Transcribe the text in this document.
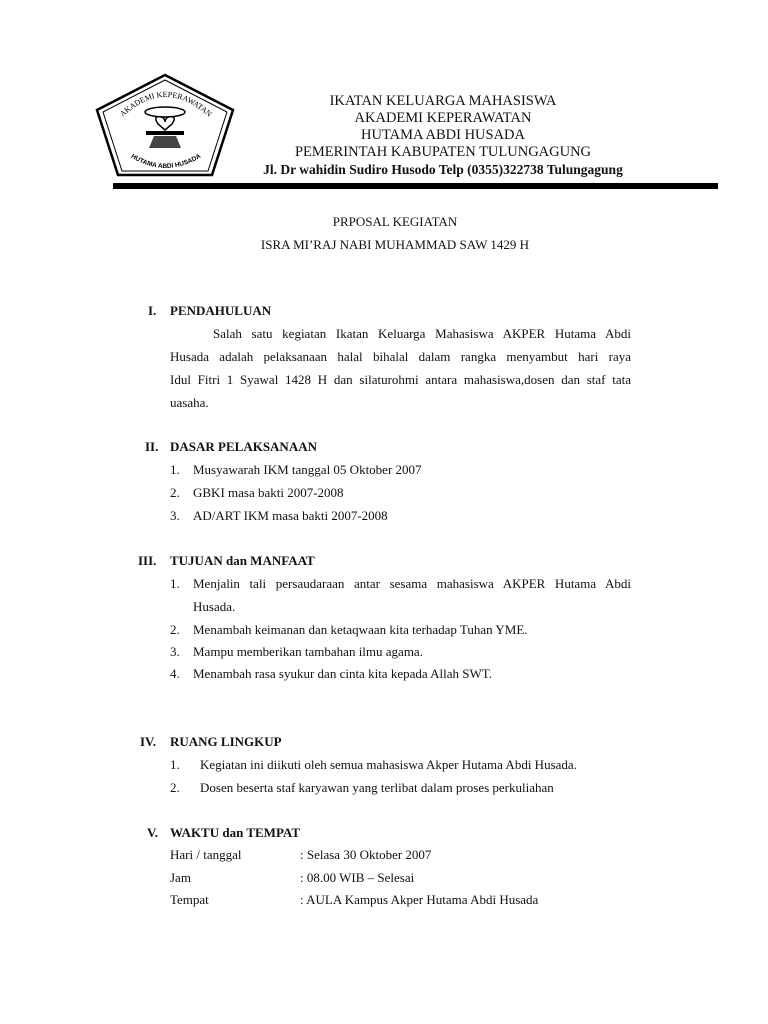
AKADEMI KEPERAWATAN
HUTAMA ABDI HUSADA
IKATAN KELUARGA MAHASISWA
AKADEMI KEPERAWATAN
HUTAMA ABDI HUSADA
PEMERINTAH KABUPATEN TULUNGAGUNG
Jl. Dr wahidin Sudiro Husodo Telp (0355)322738 Tulungagung
PRPOSAL KEGIATAN
ISRA MI’RAJ NABI MUHAMMAD SAW 1429 H
I. PENDAHULUAN
Salah satu kegiatan Ikatan Keluarga Mahasiswa AKPER Hutama Abdi
Husada adalah pelaksanaan halal bihalal dalam rangka menyambut hari raya
Idul Fitri 1 Syawal 1428 H dan silaturohmi antara mahasiswa,dosen dan staf tata
uasaha.
II. DASAR PELAKSANAAN
1. Musyawarah IKM tanggal 05 Oktober 2007
2. GBKI masa bakti 2007-2008
3. AD/ART IKM masa bakti 2007-2008
III. TUJUAN dan MANFAAT
1. Menjalin tali persaudaraan antar sesama mahasiswa AKPER Hutama Abdi
Husada.
2. Menambah keimanan dan ketaqwaan kita terhadap Tuhan YME.
3. Mampu memberikan tambahan ilmu agama.
4. Menambah rasa syukur dan cinta kita kepada Allah SWT.
IV. RUANG LINGKUP
1. Kegiatan ini diikuti oleh semua mahasiswa Akper Hutama Abdi Husada.
2. Dosen beserta staf karyawan yang terlibat dalam proses perkuliahan
V. WAKTU dan TEMPAT
Hari / tanggal	: Selasa 30 Oktober 2007
Jam	: 08.00 WIB – Selesai
Tempat	: AULA Kampus Akper Hutama Abdi Husada
